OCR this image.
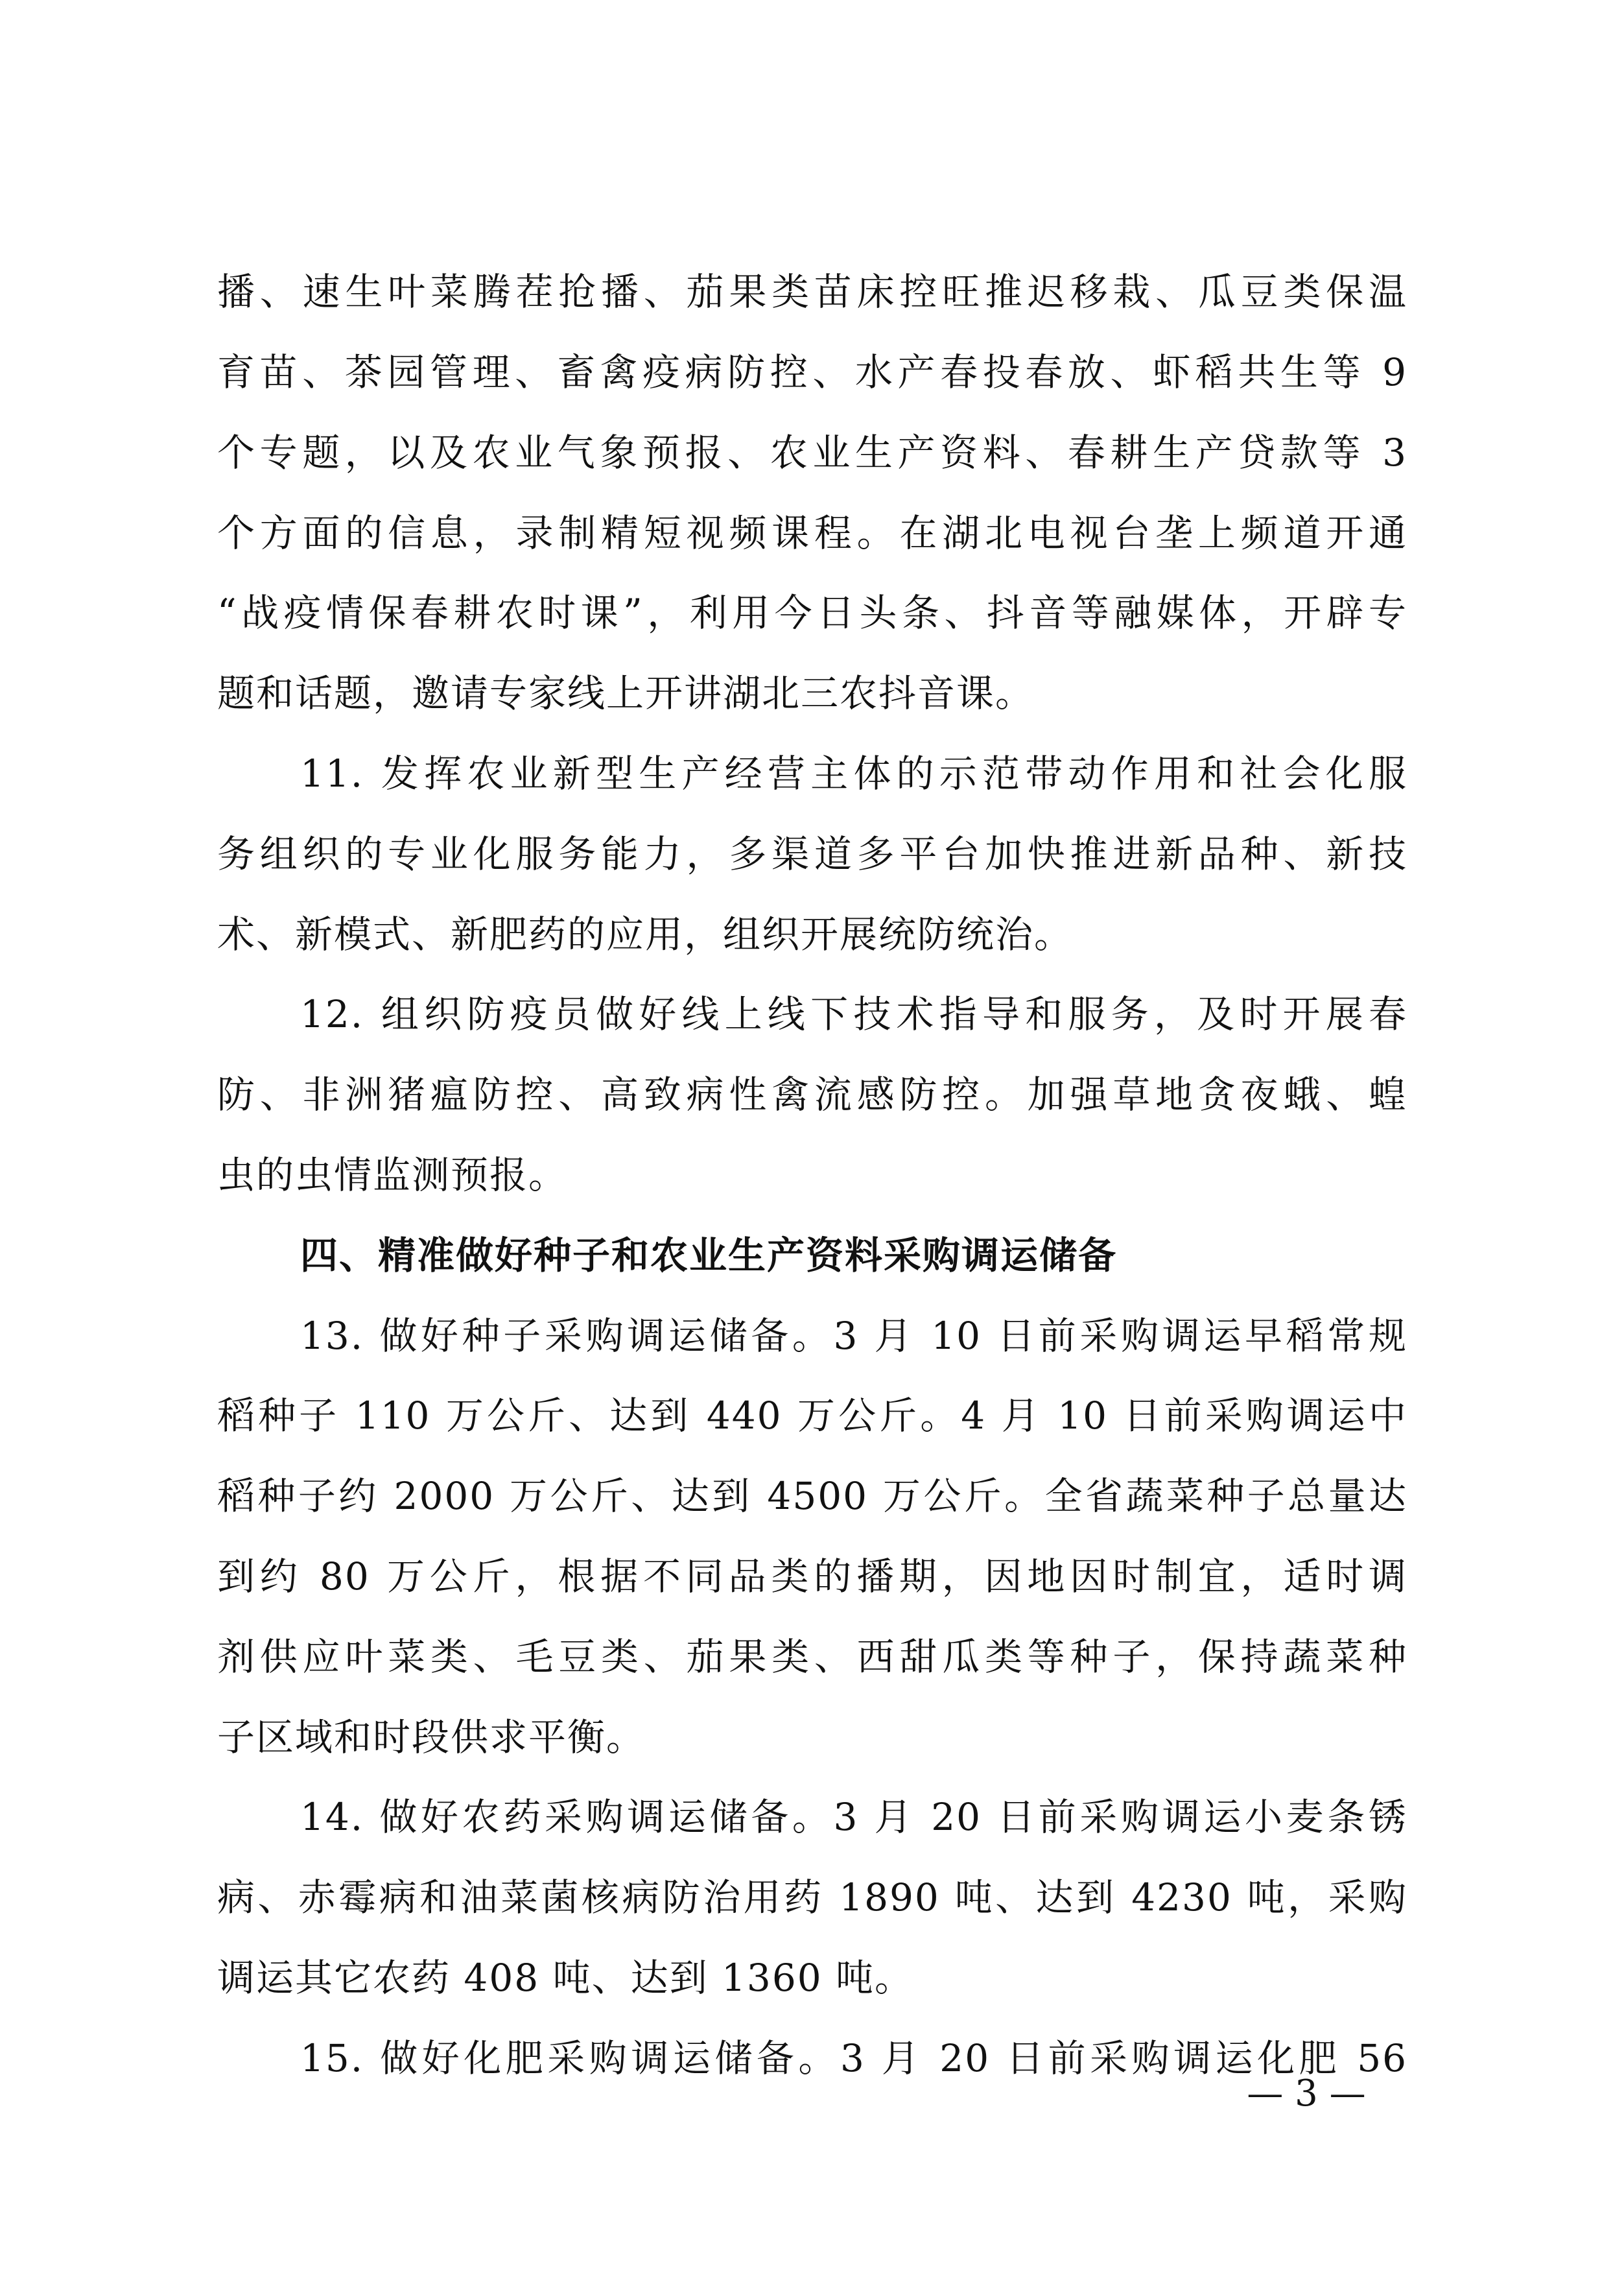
播、速生叶菜腾茬抢播、茄果类苗床控旺推迟移栽、瓜豆类保温
育苗、茶园管理、畜禽疫病防控、水产春投春放、虾稻共生等 9
个专题，以及农业气象预报、农业生产资料、春耕生产贷款等 3
个方面的信息，录制精短视频课程。在湖北电视台垄上频道开通
“战疫情保春耕农时课”，利用今日头条、抖音等融媒体，开辟专
题和话题，邀请专家线上开讲湖北三农抖音课。
11. 发挥农业新型生产经营主体的示范带动作用和社会化服
务组织的专业化服务能力，多渠道多平台加快推进新品种、新技
术、新模式、新肥药的应用，组织开展统防统治。
12. 组织防疫员做好线上线下技术指导和服务，及时开展春
防、非洲猪瘟防控、高致病性禽流感防控。加强草地贪夜蛾、蝗
虫的虫情监测预报。
四、精准做好种子和农业生产资料采购调运储备
13. 做好种子采购调运储备。3 月 10 日前采购调运早稻常规
稻种子 110 万公斤、达到 440 万公斤。4 月 10 日前采购调运中
稻种子约 2000 万公斤、达到 4500 万公斤。全省蔬菜种子总量达
到约 80 万公斤，根据不同品类的播期，因地因时制宜，适时调
剂供应叶菜类、毛豆类、茄果类、西甜瓜类等种子，保持蔬菜种
子区域和时段供求平衡。
14. 做好农药采购调运储备。3 月 20 日前采购调运小麦条锈
病、赤霉病和油菜菌核病防治用药 1890 吨、达到 4230 吨，采购
调运其它农药 408 吨、达到 1360 吨。
15. 做好化肥采购调运储备。3 月 20 日前采购调运化肥 56
— 3 —
